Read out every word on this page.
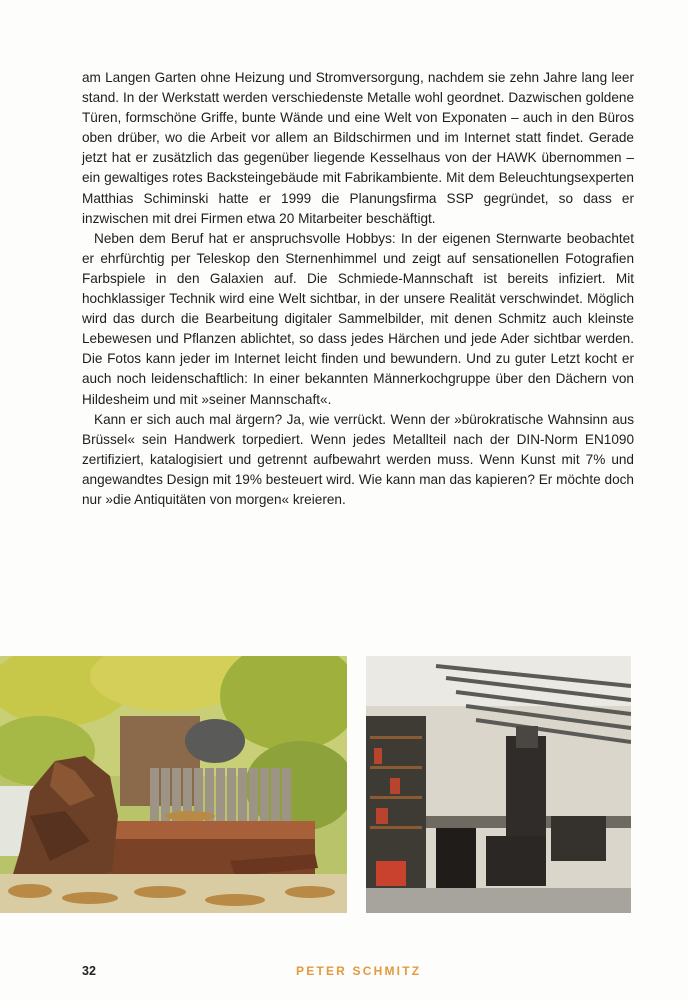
am Langen Garten ohne Heizung und Stromversorgung, nachdem sie zehn Jahre lang leer stand. In der Werkstatt werden verschiedenste Metalle wohl geordnet. Dazwischen goldene Türen, formschöne Griffe, bunte Wände und eine Welt von Exponaten – auch in den Büros oben drüber, wo die Arbeit vor allem an Bildschirmen und im Internet statt findet. Gerade jetzt hat er zusätzlich das gegenüber liegende Kesselhaus von der HAWK übernommen – ein gewaltiges rotes Backsteingebäude mit Fabrikambiente. Mit dem Beleuchtungsexperten Matthias Schiminski hatte er 1999 die Planungsfirma SSP gegründet, so dass er inzwischen mit drei Firmen etwa 20 Mitarbeiter beschäftigt.

Neben dem Beruf hat er anspruchsvolle Hobbys: In der eigenen Sternwarte beobachtet er ehrfürchtig per Teleskop den Sternenhimmel und zeigt auf sensationellen Fotografien Farbspiele in den Galaxien auf. Die Schmiede-Mannschaft ist bereits infiziert. Mit hochklassiger Technik wird eine Welt sichtbar, in der unsere Realität verschwindet. Möglich wird das durch die Bearbeitung digitaler Sammelbilder, mit denen Schmitz auch kleinste Lebewesen und Pflanzen ablichtet, so dass jedes Härchen und jede Ader sichtbar werden. Die Fotos kann jeder im Internet leicht finden und bewundern. Und zu guter Letzt kocht er auch noch leidenschaftlich: In einer bekannten Männerkochgruppe über den Dächern von Hildesheim und mit »seiner Mannschaft«.

Kann er sich auch mal ärgern? Ja, wie verrückt. Wenn der »bürokratische Wahnsinn aus Brüssel« sein Handwerk torpediert. Wenn jedes Metallteil nach der DIN-Norm EN1090 zertifiziert, katalogisiert und getrennt aufbewahrt werden muss. Wenn Kunst mit 7% und angewandtes Design mit 19% besteuert wird. Wie kann man das kapieren? Er möchte doch nur »die Antiquitäten von morgen« kreieren.

32	PETER SCHMITZ
